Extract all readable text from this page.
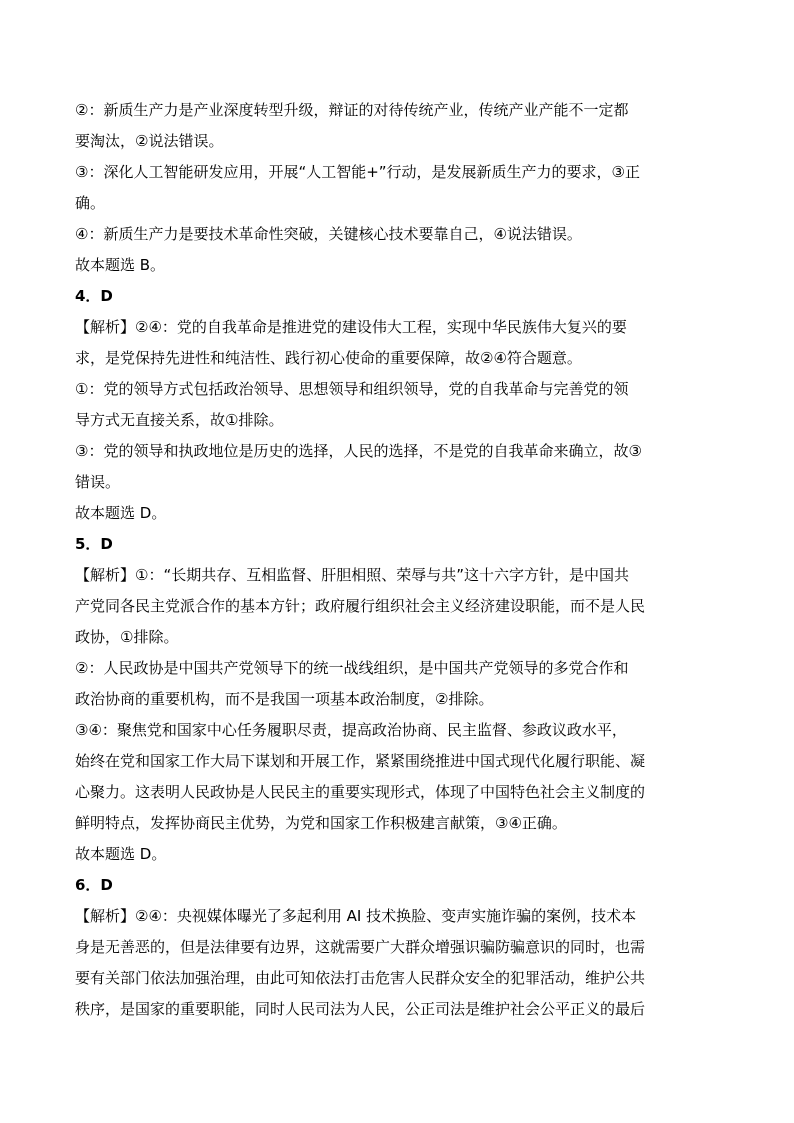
②：新质生产力是产业深度转型升级，辩证的对待传统产业，传统产业产能不一定都
要淘汰，②说法错误。
③：深化人工智能研发应用，开展“人工智能+”行动，是发展新质生产力的要求，③正
确。
④：新质生产力是要技术革命性突破，关键核心技术要靠自己，④说法错误。
故本题选 B。
4．D
【解析】②④：党的自我革命是推进党的建设伟大工程，实现中华民族伟大复兴的要
求，是党保持先进性和纯洁性、践行初心使命的重要保障，故②④符合题意。
①：党的领导方式包括政治领导、思想领导和组织领导，党的自我革命与完善党的领
导方式无直接关系，故①排除。
③：党的领导和执政地位是历史的选择，人民的选择，不是党的自我革命来确立，故③
错误。
故本题选 D。
5．D
【解析】①：“长期共存、互相监督、肝胆相照、荣辱与共”这十六字方针，是中国共
产党同各民主党派合作的基本方针；政府履行组织社会主义经济建设职能，而不是人民
政协，①排除。
②：人民政协是中国共产党领导下的统一战线组织，是中国共产党领导的多党合作和
政治协商的重要机构，而不是我国一项基本政治制度，②排除。
③④：聚焦党和国家中心任务履职尽责，提高政治协商、民主监督、参政议政水平，
始终在党和国家工作大局下谋划和开展工作，紧紧围绕推进中国式现代化履行职能、凝
心聚力。这表明人民政协是人民民主的重要实现形式，体现了中国特色社会主义制度的
鲜明特点，发挥协商民主优势，为党和国家工作积极建言献策，③④正确。
故本题选 D。
6．D
【解析】②④：央视媒体曝光了多起利用 AI 技术换脸、变声实施诈骗的案例，技术本
身是无善恶的，但是法律要有边界，这就需要广大群众增强识骗防骗意识的同时，也需
要有关部门依法加强治理，由此可知依法打击危害人民群众安全的犯罪活动，维护公共
秩序，是国家的重要职能，同时人民司法为人民，公正司法是维护社会公平正义的最后
